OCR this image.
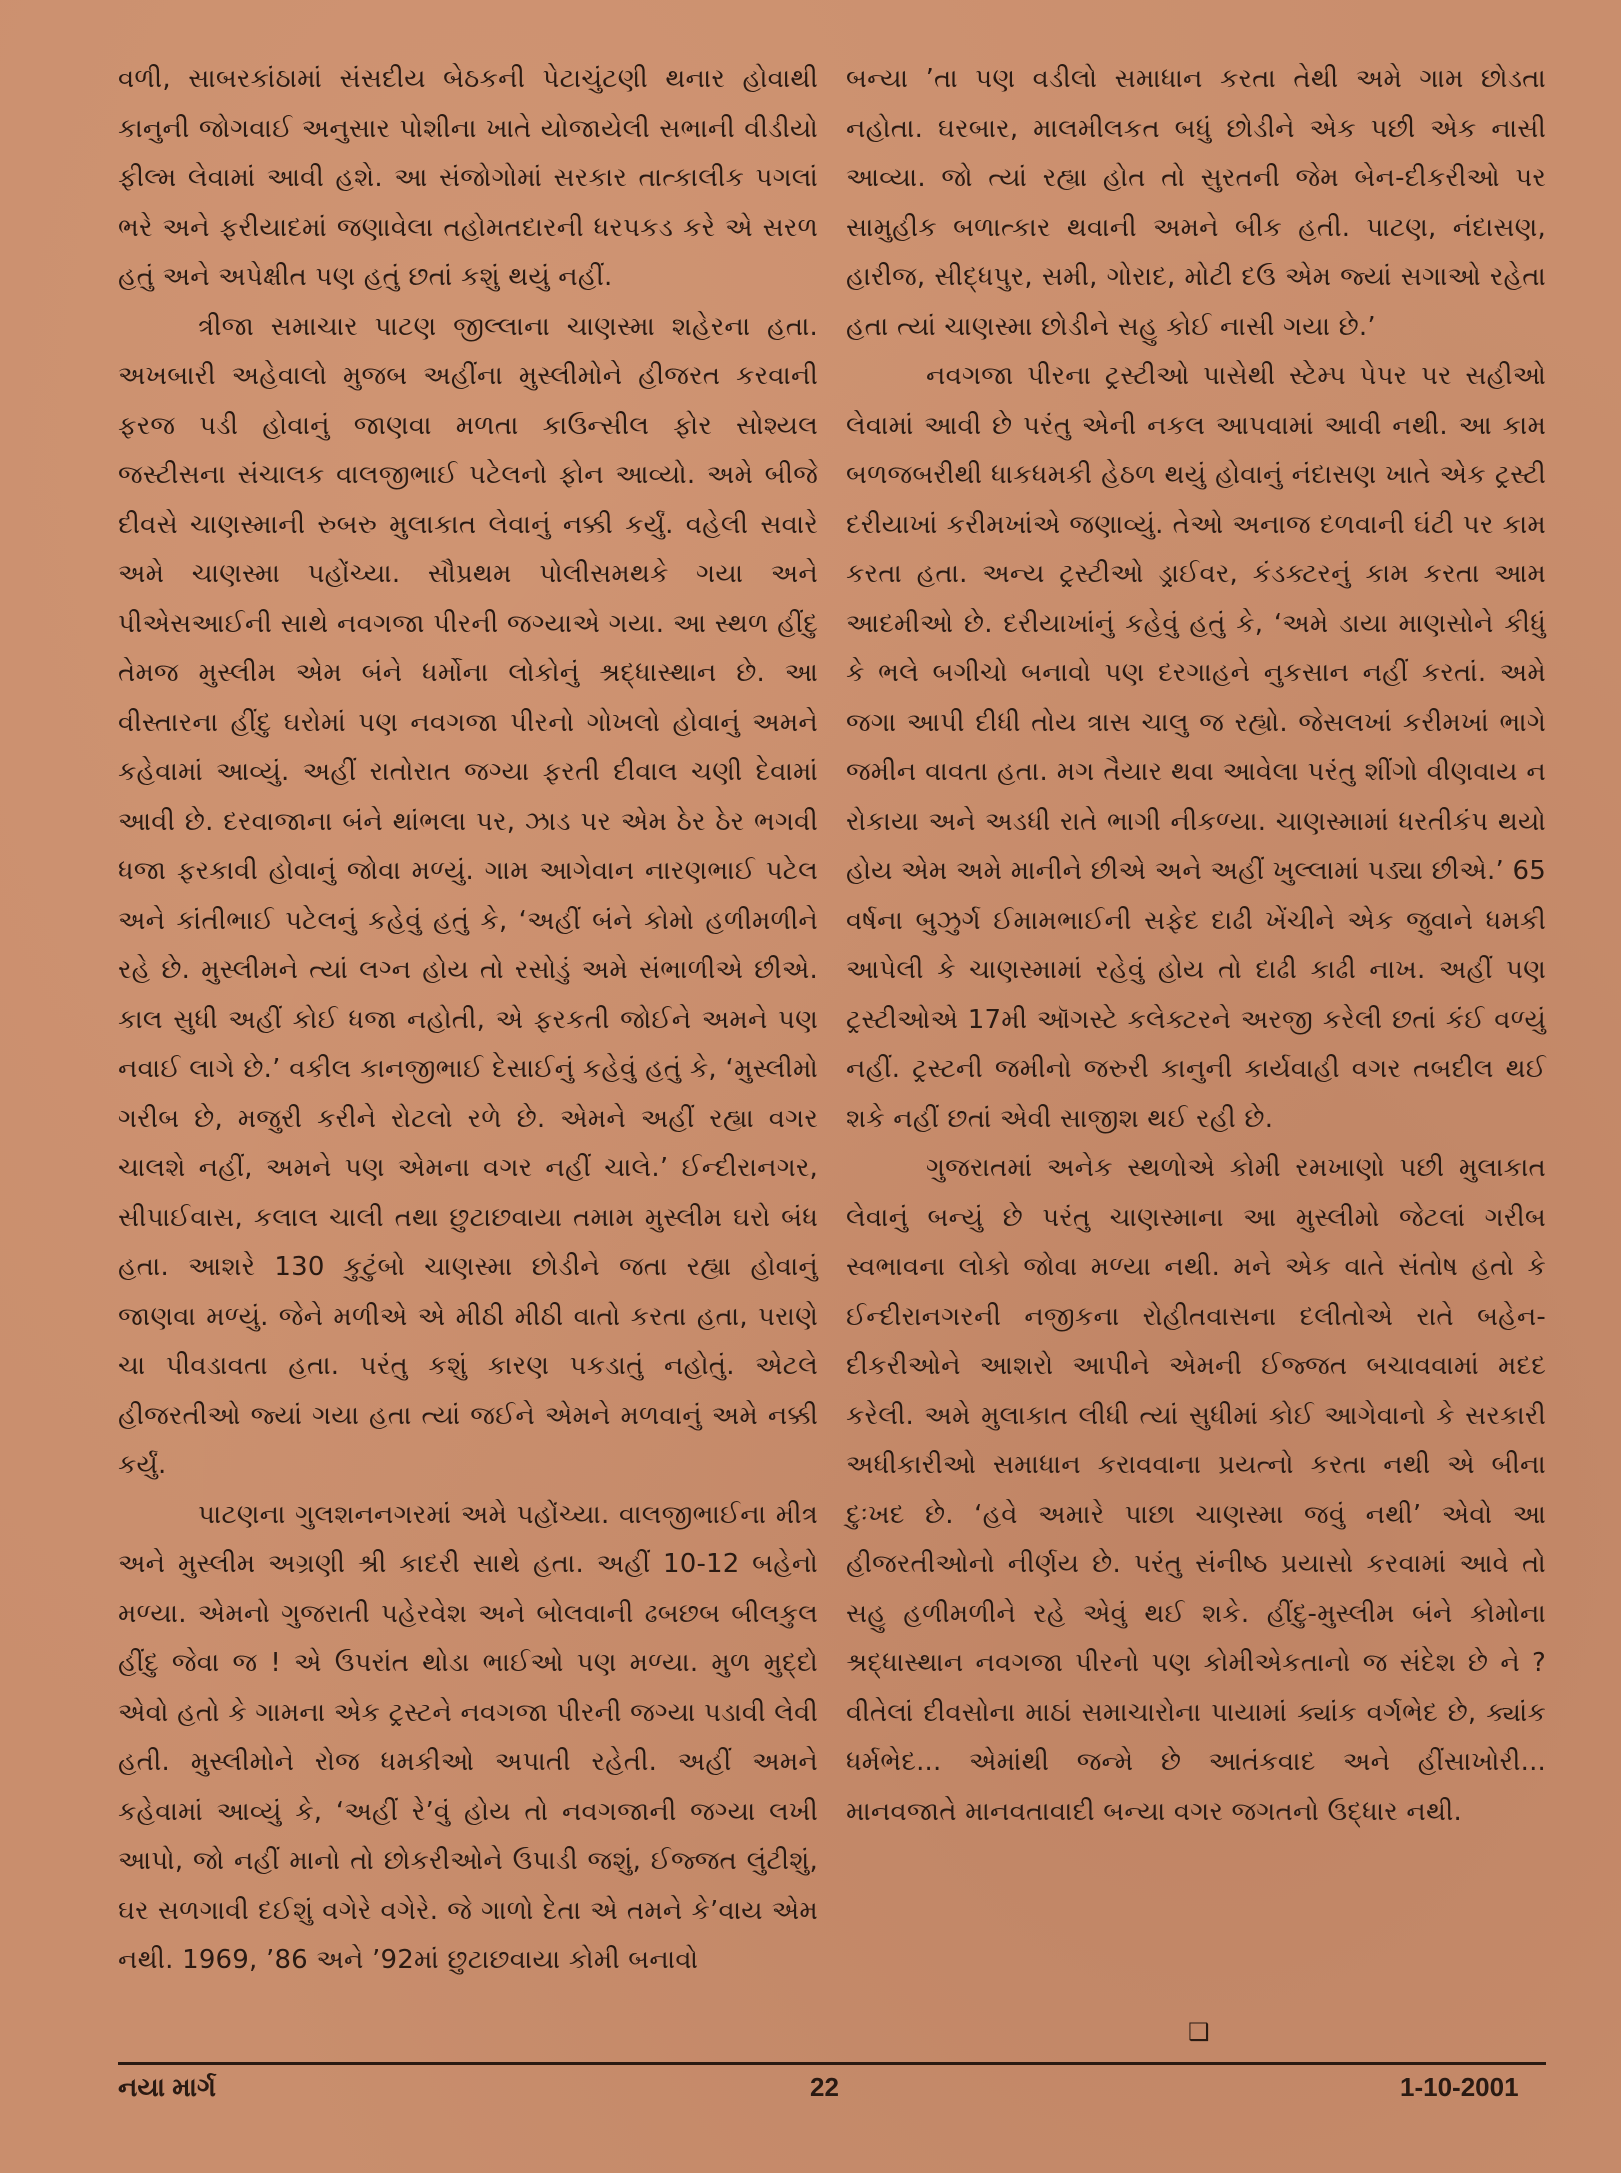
વળી, સાબરકાંઠામાં સંસદીય બેઠકની પેટાચુંટણી થનાર હોવાથી કાનુની જોગવાઈ અનુસાર પોશીના ખાતે યોજાયેલી સભાની વીડીયો ફીલ્મ લેવામાં આવી હશે. આ સંજોગોમાં સરકાર તાત્કાલીક પગલાં ભરે અને ફરીયાદમાં જણાવેલા તહોમતદારની ધરપકડ કરે એ સરળ હતું અને અપેક્ષીત પણ હતું છતાં કશું થયું નહીં.

ત્રીજા સમાચાર પાટણ જીલ્લાના ચાણસ્મા શહેરના હતા. અખબારી અહેવાલો મુજબ અહીંના મુસ્લીમોને હીજરત કરવાની ફરજ પડી હોવાનું જાણવા મળતા કાઉન્સીલ ફોર સોશ્યલ જસ્ટીસના સંચાલક વાલજીભાઈ પટેલનો ફોન આવ્યો. અમે બીજે દીવસે ચાણસ્માની રુબરુ મુલાકાત લેવાનું નક્કી કર્યું. વહેલી સવારે અમે ચાણસ્મા પહોંચ્યા. સૌપ્રથમ પોલીસમથકે ગયા અને પીએસઆઈની સાથે નવગજા પીરની જગ્યાએ ગયા. આ સ્થળ હીંદુ તેમજ મુસ્લીમ એમ બંને ધર્મોના લોકોનું શ્રદ્ધાસ્થાન છે. આ વીસ્તારના હીંદુ ઘરોમાં પણ નવગજા પીરનો ગોખલો હોવાનું અમને કહેવામાં આવ્યું. અહીં રાતોરાત જગ્યા ફરતી દીવાલ ચણી દેવામાં આવી છે. દરવાજાના બંને થાંભલા પર, ઝાડ પર એમ ઠેર ઠેર ભગવી ધજા ફરકાવી હોવાનું જોવા મળ્યું. ગામ આગેવાન નારણભાઈ પટેલ અને કાંતીભાઈ પટેલનું કહેવું હતું કે, ‘અહીં બંને કોમો હળીમળીને રહે છે. મુસ્લીમને ત્યાં લગ્ન હોય તો રસોડું અમે સંભાળીએ છીએ. કાલ સુધી અહીં કોઈ ધજા નહોતી, એ ફરકતી જોઈને અમને પણ નવાઈ લાગે છે.’ વકીલ કાનજીભાઈ દેસાઈનું કહેવું હતું કે, ‘મુસ્લીમો ગરીબ છે, મજુરી કરીને રોટલો રળે છે. એમને અહીં રહ્યા વગર ચાલશે નહીં, અમને પણ એમના વગર નહીં ચાલે.’ ઈન્દીરાનગર, સીપાઈવાસ, કલાલ ચાલી તથા છુટાછવાયા તમામ મુસ્લીમ ઘરો બંધ હતા. આશરે 130 કુટુંબો ચાણસ્મા છોડીને જતા રહ્યા હોવાનું જાણવા મળ્યું. જેને મળીએ એ મીઠી મીઠી વાતો કરતા હતા, પરાણે ચા પીવડાવતા હતા. પરંતુ કશું કારણ પકડાતું નહોતું. એટલે હીજરતીઓ જ્યાં ગયા હતા ત્યાં જઈને એમને મળવાનું અમે નક્કી કર્યું.

પાટણના ગુલશનનગરમાં અમે પહોંચ્યા. વાલજીભાઈના મીત્ર અને મુસ્લીમ અગ્રણી શ્રી કાદરી સાથે હતા. અહીં 10-12 બહેનો મળ્યા. એમનો ગુજરાતી પહેરવેશ અને બોલવાની ઢબછબ બીલકુલ હીંદુ જેવા જ ! એ ઉપરાંત થોડા ભાઈઓ પણ મળ્યા. મુળ મુદ્દો એવો હતો કે ગામના એક ટ્રસ્ટને નવગજા પીરની જગ્યા પડાવી લેવી હતી. મુસ્લીમોને રોજ ધમકીઓ અપાતી રહેતી. અહીં અમને કહેવામાં આવ્યું કે, ‘અહીં રે’વું હોય તો નવગજાની જગ્યા લખી આપો, જો નહીં માનો તો છોકરીઓને ઉપાડી જશું, ઈજ્જત લુંટીશું, ઘર સળગાવી દઈશું વગેરે વગેરે. જે ગાળો દેતા એ તમને કે’વાય એમ નથી. 1969, ’86 અને ’92માં છુટાછવાયા કોમી બનાવો

બન્યા ’તા પણ વડીલો સમાધાન કરતા તેથી અમે ગામ છોડતા નહોતા. ઘરબાર, માલમીલકત બધું છોડીને એક પછી એક નાસી આવ્યા. જો ત્યાં રહ્યા હોત તો સુરતની જેમ બેન-દીકરીઓ પર સામુહીક બળાત્કાર થવાની અમને બીક હતી. પાટણ, નંદાસણ, હારીજ, સીદ્ધપુર, સમી, ગોરાદ, મોટી દઉ એમ જ્યાં સગાઓ રહેતા હતા ત્યાં ચાણસ્મા છોડીને સહુ કોઈ નાસી ગયા છે.’

નવગજા પીરના ટ્રસ્ટીઓ પાસેથી સ્ટેમ્પ પેપર પર સહીઓ લેવામાં આવી છે પરંતુ એની નકલ આપવામાં આવી નથી. આ કામ બળજબરીથી ધાકધમકી હેઠળ થયું હોવાનું નંદાસણ ખાતે એક ટ્રસ્ટી દરીયાખાં કરીમખાંએ જણાવ્યું. તેઓ અનાજ દળવાની ઘંટી પર કામ કરતા હતા. અન્ય ટ્રસ્ટીઓ ડ્રાઈવર, કંડક્ટરનું કામ કરતા આમ આદમીઓ છે. દરીયાખાંનું કહેવું હતું કે, ‘અમે ડાયા માણસોને કીધું કે ભલે બગીચો બનાવો પણ દરગાહને નુકસાન નહીં કરતાં. અમે જગા આપી દીધી તોય ત્રાસ ચાલુ જ રહ્યો. જેસલખાં કરીમખાં ભાગે જમીન વાવતા હતા. મગ તૈયાર થવા આવેલા પરંતુ શીંગો વીણવાય ન રોકાયા અને અડધી રાતે ભાગી નીકળ્યા. ચાણસ્મામાં ધરતીકંપ થયો હોય એમ અમે માનીને છીએ અને અહીં ખુલ્લામાં પડ્યા છીએ.’ 65 વર્ષના બુઝુર્ગ ઈમામભાઈની સફેદ દાઢી ખેંચીને એક જુવાને ધમકી આપેલી કે ચાણસ્મામાં રહેવું હોય તો દાઢી કાઢી નાખ. અહીં પણ ટ્રસ્ટીઓએ 17મી ઑગસ્ટે કલેક્ટરને અરજી કરેલી છતાં કંઈ વળ્યું નહીં. ટ્રસ્ટની જમીનો જરુરી કાનુની કાર્યવાહી વગર તબદીલ થઈ શકે નહીં છતાં એવી સાજીશ થઈ રહી છે.

ગુજરાતમાં અનેક સ્થળોએ કોમી રમખાણો પછી મુલાકાત લેવાનું બન્યું છે પરંતુ ચાણસ્માના આ મુસ્લીમો જેટલાં ગરીબ સ્વભાવના લોકો જોવા મળ્યા નથી. મને એક વાતે સંતોષ હતો કે ઈન્દીરાનગરની નજીકના રોહીતવાસના દલીતોએ રાતે બહેન-દીકરીઓને આશરો આપીને એમની ઈજ્જત બચાવવામાં મદદ કરેલી. અમે મુલાકાત લીધી ત્યાં સુધીમાં કોઈ આગેવાનો કે સરકારી અધીકારીઓ સમાધાન કરાવવાના પ્રયત્નો કરતા નથી એ બીના દુઃખદ છે. ‘હવે અમારે પાછા ચાણસ્મા જવું નથી’ એવો આ હીજરતીઓનો નીર્ણય છે. પરંતુ સંનીષ્ઠ પ્રયાસો કરવામાં આવે તો સહુ હળીમળીને રહે એવું થઈ શકે. હીંદુ-મુસ્લીમ બંને કોમોના શ્રદ્ધાસ્થાન નવગજા પીરનો પણ કોમીએકતાનો જ સંદેશ છે ને ? વીતેલાં દીવસોના માઠાં સમાચારોના પાયામાં ક્યાંક વર્ગભેદ છે, ક્યાંક ધર્મભેદ... એમાંથી જન્મે છે આતંકવાદ અને હીંસાખોરી... માનવજાતે માનવતાવાદી બન્યા વગર જગતનો ઉદ્ધાર નથી.

❑
નયા માર્ગ	22	1-10-2001
